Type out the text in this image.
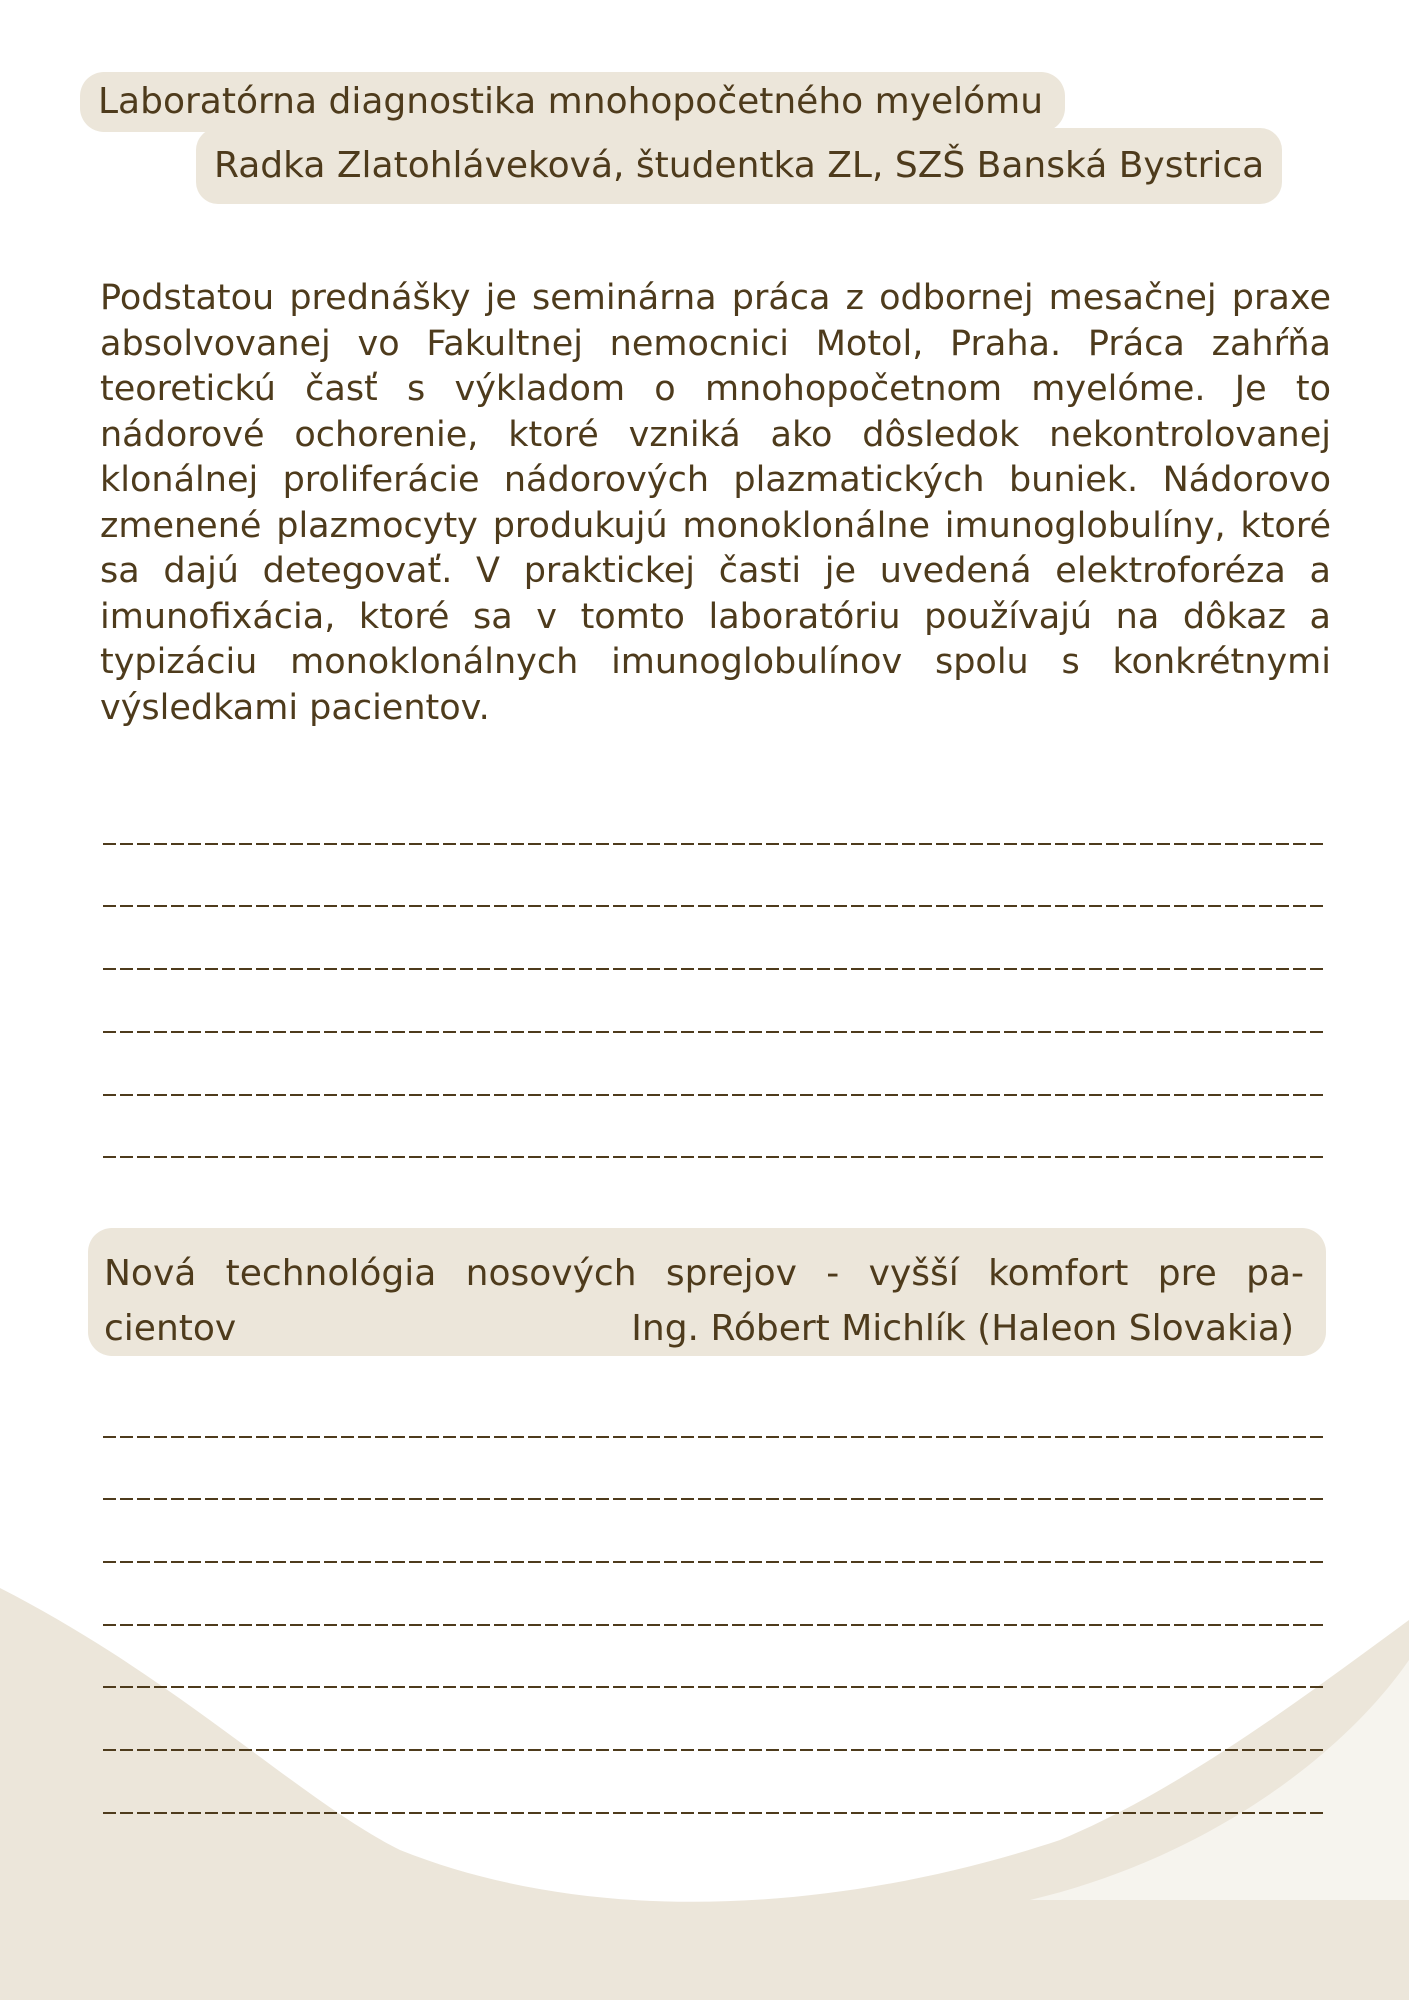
Laboratórna diagnostika mnohopočetného myelómu
Radka Zlatohláveková, študentka ZL, SZŠ Banská Bystrica

Podstatou prednášky je seminárna práca z odbornej mesačnej praxe absolvovanej vo Fakultnej nemocnici Motol, Praha. Práca zahŕňa teoretickú časť s výkladom o mnohopočetnom myelóme. Je to nádorové ochorenie, ktoré vzniká ako dôsledok nekontrolovanej klonálnej proliferácie nádorových plazmatických buniek. Nádorovo zmenené plazmocyty produkujú monoklonálne imunoglobulíny, ktoré sa dajú detegovať. V praktickej časti je uvedená elektroforéza a imunofixácia, ktoré sa v tomto laboratóriu používajú na dôkaz a typizáciu monoklonálnych imunoglobulínov spolu s konkrétnymi výsledkami pacientov.

Nová technológia nosových sprejov - vyšší komfort pre pa-
cientov	Ing. Róbert Michlík (Haleon Slovakia)
